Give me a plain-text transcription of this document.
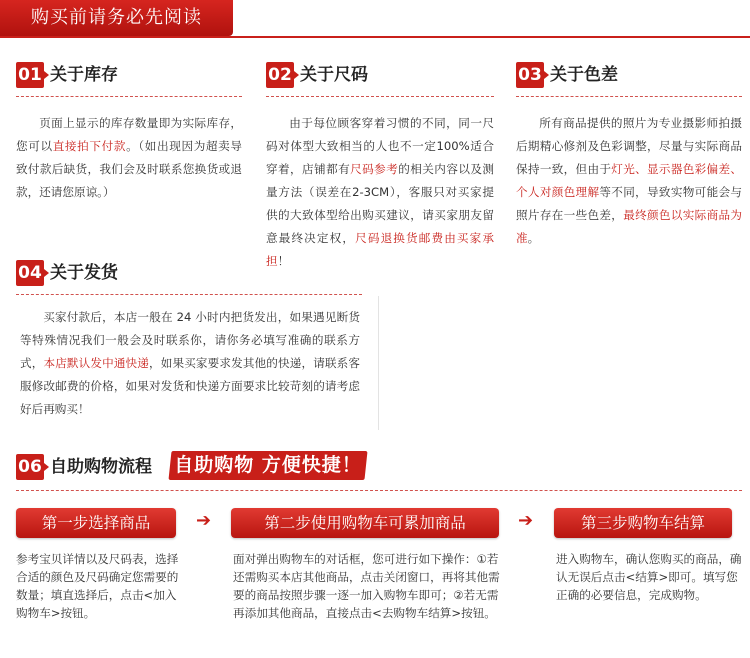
购买前请务必先阅读
01 关于库存
页面上显示的库存数量即为实际库存，您可以直接拍下付款。（如出现因为超卖导致付款后缺货，我们会及时联系您换货或退款，还请您原谅。）
02 关于尺码
由于每位顾客穿着习惯的不同，同一尺码对体型大致相当的人也不一定100%适合穿着，店铺都有尺码参考的相关内容以及测量方法（误差在2-3CM），客服只对买家提供的大致体型给出购买建议，请买家朋友留意最终决定权，尺码退换货邮费由买家承担！
03 关于色差
所有商品提供的照片为专业摄影师拍摄后期精心修剂及色彩调整，尽量与实际商品保持一致，但由于灯光、显示器色彩偏差、个人对颜色理解等不同，导致实物可能会与照片存在一些色差，最终颜色以实际商品为准。
04 关于发货
买家付款后，本店一般在 24 小时内把货发出，如果遇见断货等特殊情况我们一般会及时联系你，请你务必填写准确的联系方式，本店默认发中通快递，如果买家要求发其他的快递，请联系客服修改邮费的价格，如果对发货和快递方面要求比较苛刻的请考虑好后再购买！
06 自助购物流程 自助购物 方便快捷！
第一步选择商品	➔	第二步使用购物车可累加商品	➔	第三步购物车结算
参考宝贝详情以及尺码表，选择合适的颜色及尺码确定您需要的数量；填直选择后，点击<加入购物车>按钮。
面对弹出购物车的对话框，您可进行如下操作：①若还需购买本店其他商品，点击关闭窗口，再将其他需要的商品按照步骤一逐一加入购物车即可；②若无需再添加其他商品，直接点击<去购物车结算>按钮。
进入购物车，确认您购买的商品，确认无误后点击<结算>即可。填写您正确的必要信息，完成购物。
